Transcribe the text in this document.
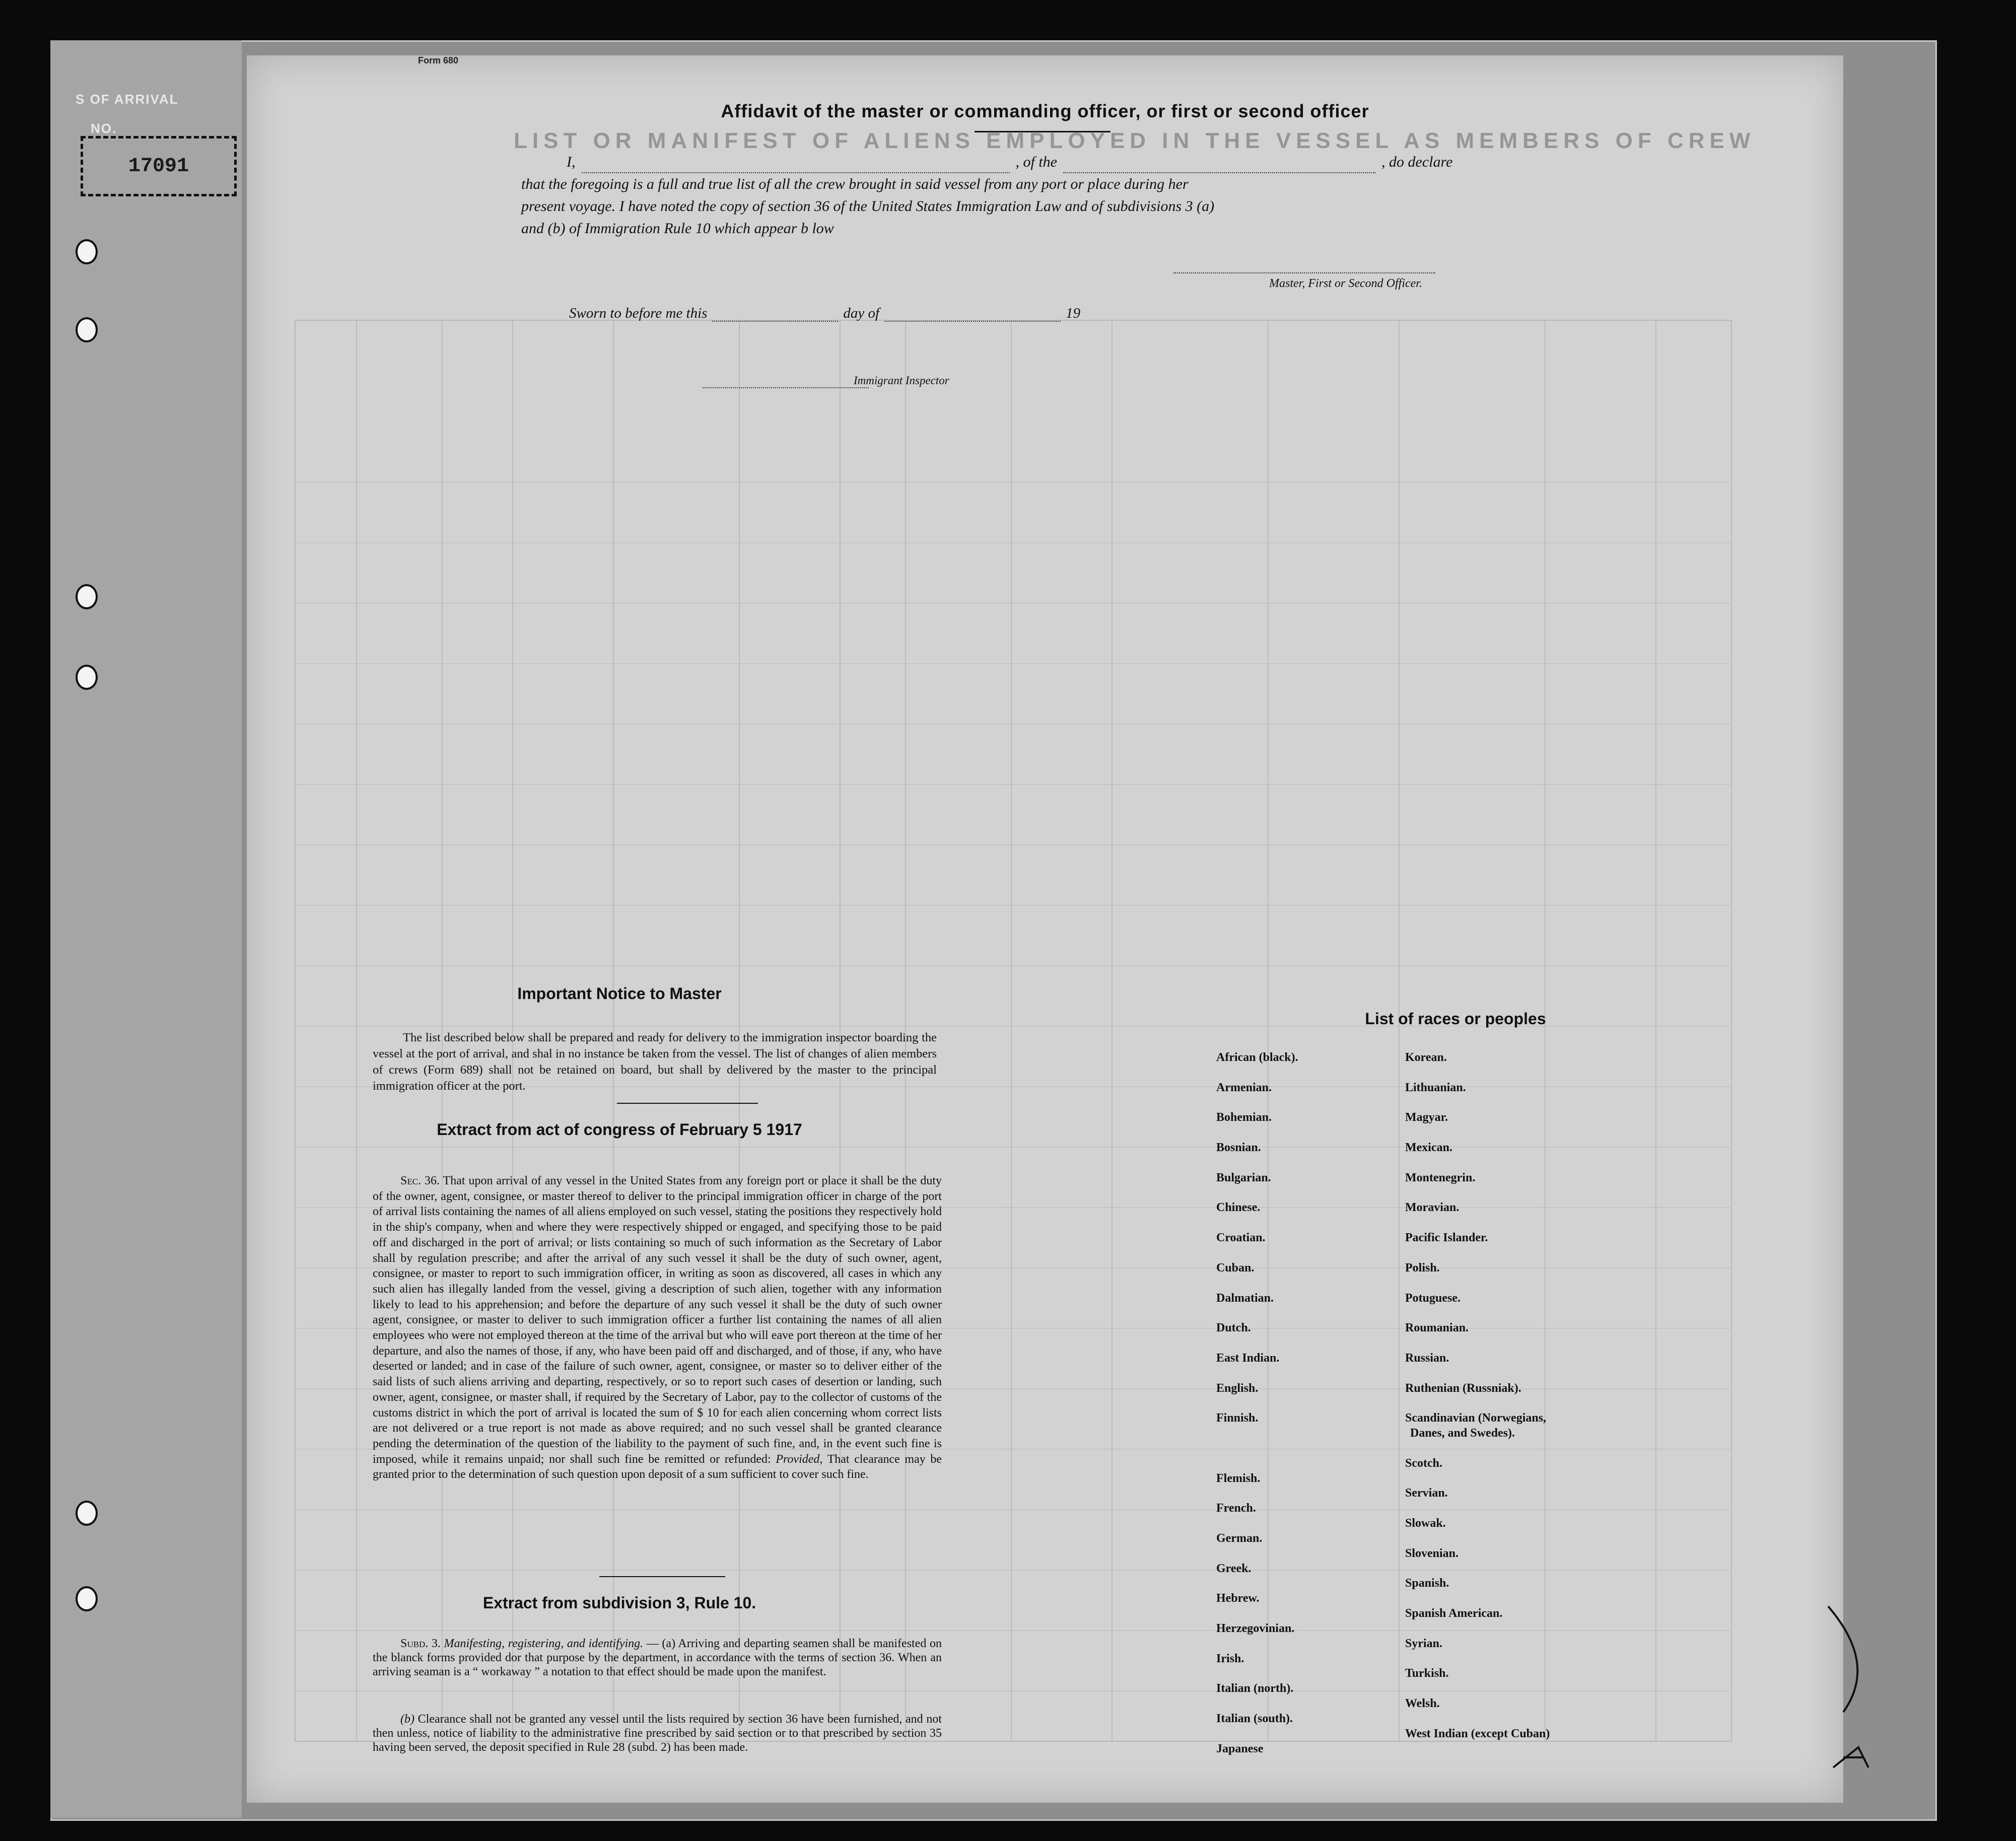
S OF ARRIVAL
NO.
17091
Form 680
Affidavit of the master or commanding officer, or first or second officer
I,	, of the	, do declare
that the foregoing is a full and true list of all the crew brought in said vessel from any port or place during her
present voyage. I have noted the copy of section 36 of the United States Immigration Law and of subdivisions 3 (a)
and (b) of Immigration Rule 10 which appear b low
Master, First or Second Officer.
Sworn to before me this	day of	19
Immigrant Inspector
Important Notice to Master
The list described below shall be prepared and ready for delivery to the immigration inspector boarding the vessel at the port of arrival, and shal in no instance be taken from the vessel. The list of changes of alien members of crews (Form 689) shall not be retained on board, but shall by delivered by the master to the principal immigration officer at the port.
Extract from act of congress of February 5 1917
Sec. 36. That upon arrival of any vessel in the United States from any foreign port or place it shall be the duty of the owner, agent, consignee, or master thereof to deliver to the principal immigration officer in charge of the port of arrival lists containing the names of all aliens employed on such vessel, stating the positions they respectively hold in the ship's company, when and where they were respectively shipped or engaged, and specifying those to be paid off and discharged in the port of arrival; or lists containing so much of such information as the Secretary of Labor shall by regulation prescribe; and after the arrival of any such vessel it shall be the duty of such owner, agent, consignee, or master to report to such immigration officer, in writing as soon as discovered, all cases in which any such alien has illegally landed from the vessel, giving a description of such alien, together with any information likely to lead to his apprehension; and before the departure of any such vessel it shall be the duty of such owner agent, consignee, or master to deliver to such immigration officer a further list containing the names of all alien employees who were not employed thereon at the time of the arrival but who will eave port thereon at the time of her departure, and also the names of those, if any, who have been paid off and discharged, and of those, if any, who have deserted or landed; and in case of the failure of such owner, agent, consignee, or master so to deliver either of the said lists of such aliens arriving and departing, respectively, or so to report such cases of desertion or landing, such owner, agent, consignee, or master shall, if required by the Secretary of Labor, pay to the collector of customs of the customs district in which the port of arrival is located the sum of $ 10 for each alien concerning whom correct lists are not delivered or a true report is not made as above required; and no such vessel shall be granted clearance pending the determination of the question of the liability to the payment of such fine, and, in the event such fine is imposed, while it remains unpaid; nor shall such fine be remitted or refunded: Provided, That clearance may be granted prior to the determination of such question upon deposit of a sum sufficient to cover such fine.
Extract from subdivision 3, Rule 10.
Subd. 3. Manifesting, registering, and identifying. — (a) Arriving and departing seamen shall be manifested on the blanck forms provided dor that purpose by the department, in accordance with the terms of section 36. When an arriving seaman is a “ workaway ” a notation to that effect should be made upon the manifest.
(b) Clearance shall not be granted any vessel until the lists required by section 36 have been furnished, and not then unless, notice of liability to the administrative fine prescribed by said section or to that prescribed by section 35 having been served, the deposit specified in Rule 28 (subd. 2) has been made.
List of races or peoples
African (black).
Armenian.
Bohemian.
Bosnian.
Bulgarian.
Chinese.
Croatian.
Cuban.
Dalmatian.
Dutch.
East Indian.
English.
Finnish.
Flemish.
French.
German.
Greek.
Hebrew.
Herzegovinian.
Irish.
Italian (north).
Italian (south).
Japanese
Korean.
Lithuanian.
Magyar.
Mexican.
Montenegrin.
Moravian.
Pacific Islander.
Polish.
Potuguese.
Roumanian.
Russian.
Ruthenian (Russniak).
Scandinavian (Norwegians,
Danes, and Swedes).
Scotch.
Servian.
Slowak.
Slovenian.
Spanish.
Spanish American.
Syrian.
Turkish.
Welsh.
West Indian (except Cuban)
LIST OR MANIFEST OF ALIENS EMPLOYED IN THE VESSEL AS MEMBERS OF CREW
